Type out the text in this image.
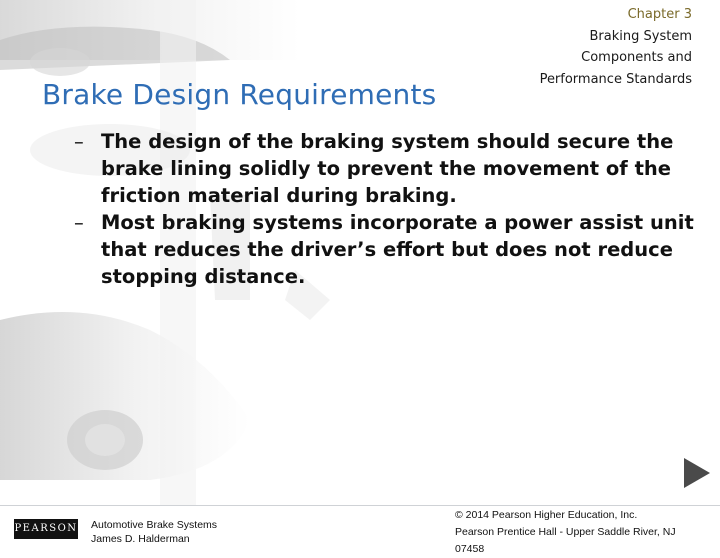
Chapter 3
Braking System
Components and
Performance Standards
Brake Design Requirements
– The design of the braking system should secure the brake lining solidly to prevent the movement of the friction material during braking.
– Most braking systems incorporate a power assist unit that reduces the driver’s effort but does not reduce stopping distance.
PEARSON Automotive Brake Systems
James D. Halderman
© 2014 Pearson Higher Education, Inc.
Pearson Prentice Hall - Upper Saddle River, NJ
07458
